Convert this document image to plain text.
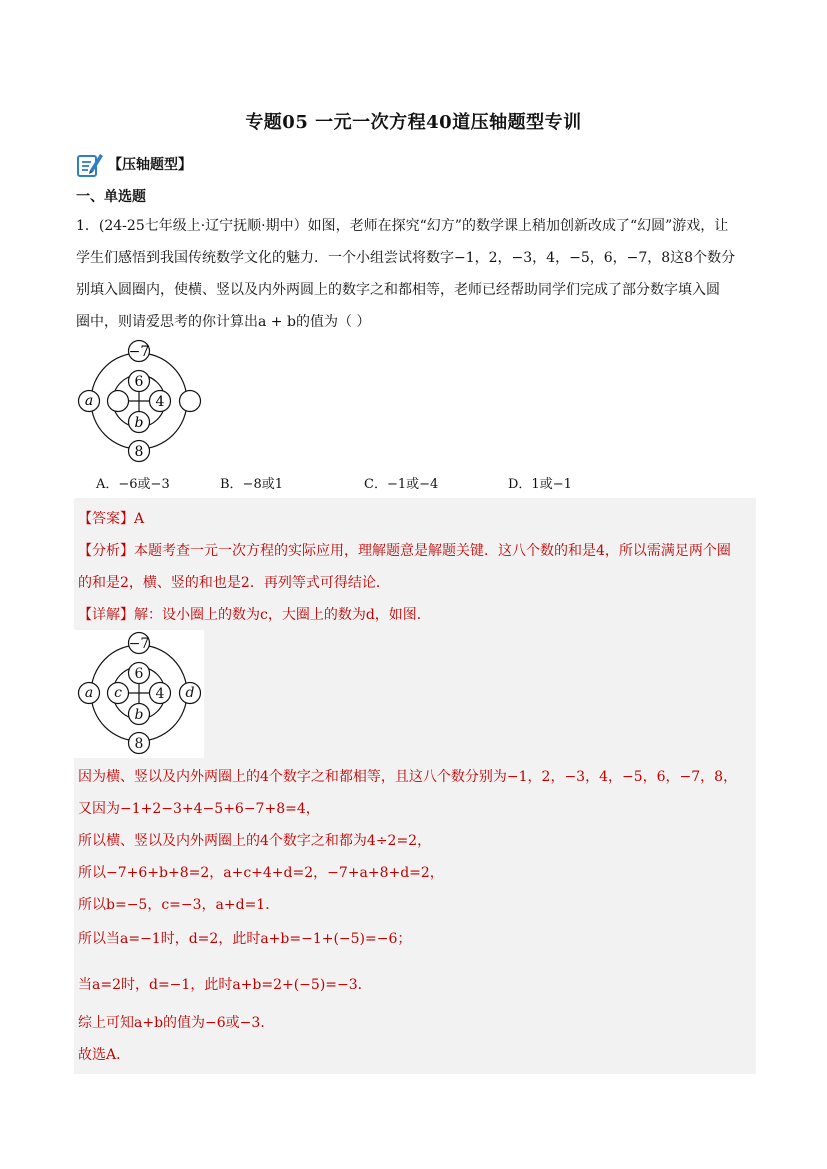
专题05 一元一次方程40道压轴题型专训
【压轴题型】
一、单选题
1．(24-25七年级上·辽宁抚顺·期中）如图，老师在探究“幻方”的数学课上稍加创新改成了“幻圆”游戏，让
学生们感悟到我国传统数学文化的魅力．一个小组尝试将数字−1，2，−3，4，−5，6，−7，8这8个数分
别填入圆圈内，使横、竖以及内外两圆上的数字之和都相等，老师已经帮助同学们完成了部分数字填入圆
圈中，则请爱思考的你计算出a + b的值为（ ）
−7
6
4
b
8
a
A．−6或−3	B．−8或1	C．−1或−4	D．1或−1
【答案】A
【分析】本题考查一元一次方程的实际应用，理解题意是解题关键．这八个数的和是4，所以需满足两个圈
的和是2，横、竖的和也是2．再列等式可得结论．
【详解】解：设小圈上的数为c，大圈上的数为d，如图．
−7
6
c 4
b
8
a	d
因为横、竖以及内外两圈上的4个数字之和都相等，且这八个数分别为−1，2，−3，4，−5，6，−7，8，
又因为−1+2−3+4−5+6−7+8=4，
所以横、竖以及内外两圈上的4个数字之和都为4÷2=2，
所以−7+6+b+8=2，a+c+4+d=2，−7+a+8+d=2，
所以b=−5，c=−3，a+d=1．
所以当a=−1时，d=2，此时a+b=−1+(−5)=−6；
当a=2时，d=−1，此时a+b=2+(−5)=−3．
综上可知a+b的值为−6或−3．
故选A．
